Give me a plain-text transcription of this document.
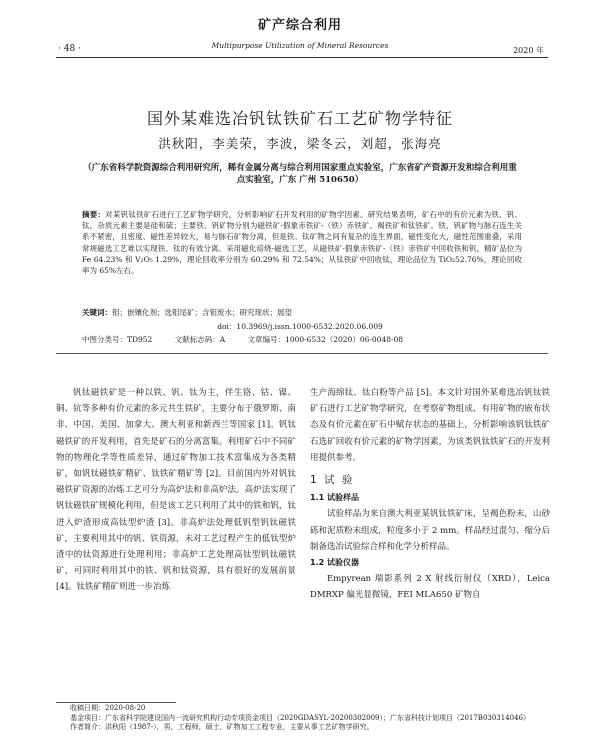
矿产综合利用
· 48 ·	Multipurpose Utilization of Mineral Resources
2020 年
国外某难选冶钒钛铁矿石工艺矿物学特征
洪秋阳，李美荣，李波，梁冬云，刘超，张海亮
（广东省科学院资源综合利用研究所，稀有金属分离与综合利用国家重点实验室，广东省矿产资源开发和综合利用重点实验室，广东 广州 510650）
摘要：对某钒钛铁矿石进行工艺矿物学研究，分析影响矿石开发利用的矿物学因素。研究结果表明，矿石中的有价元素为铁、钒、钛，杂质元素主要是硅和硫；主要铁、钒矿物分别为磁铁矿-假象赤铁矿-（铁）赤铁矿、褐铁矿和钛铁矿。铁、钒矿物与脉石连生关系不紧密，且密度、磁性差异较大，易与脉石矿物分离，但是铁、钛矿物之间有复杂的连生界面，磁性变化大，磁性范围重叠，采用常规磁选工艺难以实现铁、钛的有效分离。采用磁化焙烧-磁选工艺，从磁铁矿-假象赤铁矿-（铁）赤铁矿中回收铁和钒，精矿品位为 Fe 64.23% 和 V₂O₅ 1.29%，理论回收率分别为 60.29% 和 72.54%；从钛铁矿中回收钛，理论品位为 TiO₂52.76%，理论回收率为 65%左右。
关键词：钼；嵌镶化剂；选钼尾矿；含钼废水；研究现状；展望
doi：10.3969/j.issn.1000-6532.2020.06.009
中图分类号：TD952	文献标志码：A	文章编号：1000-6532（2020）06-0048-08

钒钛磁铁矿是一种以铁、钒、钛为主，伴生铬、钴、镍、铜、钪等多种有价元素的多元共生铁矿，主要分布于俄罗斯、南非、中国、美国、加拿大、澳大利亚和新西兰等国家 [1]。钒钛磁铁矿的开发利用，首先是矿石的分离富集。利用矿石中不同矿物的物理化学等性质差异，通过矿物加工技术富集成为各类精矿，如钒钛磁铁矿精矿、钛铁矿精矿等 [2]。目前国内外对钒钛磁铁矿资源的冶炼工艺可分为高炉法和非高炉法。高炉法实现了钒钛磁铁矿规模化利用，但是该工艺只利用了其中的铁和钒，钛进入炉渣形成高钛型炉渣 [3]。非高炉法处理低钒型钒钛磁铁矿，主要利用其中的钒、铁资源，未对工艺过程产生的低钛型炉渣中的钛资源进行处理利用；非高炉工艺处理高钛型钒钛磁铁矿，可同时利用其中的铁、钒和钛资源，具有很好的发展前景 [4]。钛铁矿精矿则进一步冶炼

生产海绵钛、钛白粉等产品 [5]。本文针对国外某难选冶钒钛铁矿石进行工艺矿物学研究，在考察矿物组成、有用矿物的嵌布状态及有价元素在矿石中赋存状态的基础上，分析影响该钒钛铁矿石选矿回收有价元素的矿物学因素，为该类钒钛铁矿石的开发利用提供参考。

1 试 验
1.1 试验样品

试验样品为来自澳大利亚某钒钛铁矿床，呈褐色粉末，山砂砾和泥质粉末组成，粒度多小于 2 mm。样品经过混匀、缩分后制备选冶试验综合样和化学分析样品。

1.2 试验仪器

Empyrean 瑞影系列 2 X 射线衍射仪（XRD），Leica DMRXP 偏光显微镜，FEI MLA650 矿物自

收稿日期：2020-08-20
基金项目：广东省科学院建设国内一流研究机构行动专项资金项目（2020GDASYL-20200302009）；广东省科技计划项目（2017B030314046）
作者简介：洪秋阳（1987-），男，工程师，硕士，矿物加工工程专业，主要从事工艺矿物学研究。
